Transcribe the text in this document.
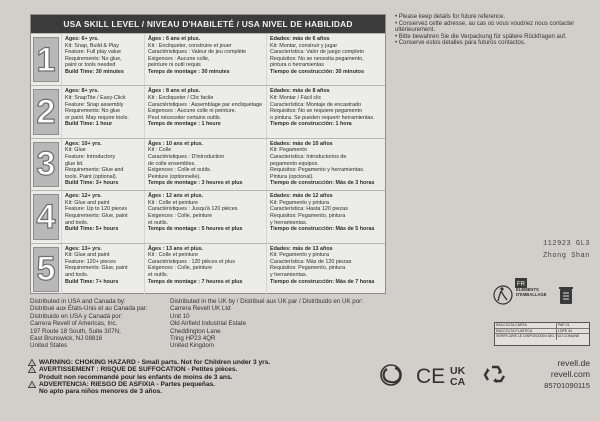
USA SKILL LEVEL / NIVEAU D'HABILETÉ / USA NIVEL DE HABILIDAD
1
Ages: 6+ yrs.
Kit: Snap, Build & Play
Feature: Full play value
Requirements: No glue,
paint or tools needed
Build Time: 30 minutes
Âges : 6 ans et plus.
Kit : Encliqueter, construire et jouer
Caractéristiques : Valeur de jeu complète
Exigences : Aucune colle,
peinture ni outil requis
Temps de montage : 30 minutes
Edades: más de 6 años
Kit: Montar, construir y jugar
Característica: Valor de juego completo
Requisitos: No se necesita pegamento,
pintura o herramientas
Tiempo de construcción: 30 minutos
2
Ages: 8+ yrs.
Kit: SnapTite / Easy-Click
Feature: Snap assembly
Requirements: No glue
or paint. May require tools.
Build Time: 1 hour
Âges : 8 ans et plus.
Kit : Encliqueter / Clic facile
Caractéristiques : Assemblage par encliquetage
Exigences : Aucune colle ni peinture.
Peut nécessiter certains outils.
Temps de montage : 1 heure
Edades: más de 8 años
Kit: Montar / Fácil clic
Característica: Montaje de encastrado
Requisitos: No se requiere pegamento
o pintura. Se pueden requerir herramientas.
Tiempo de construcción: 1 hora
3
Ages: 10+ yrs.
Kit: Glue
Feature: Introductory
glue kit.
Requirements: Glue and
tools. Paint (optional).
Build Time: 3+ hours
Âges : 10 ans et plus.
Kit : Colle
Caractéristiques : D'introduction
de colle ensembles.
Exigences : Colle et outils.
Peinture (optionnelle).
Temps de montage : 3 heures et plus
Edades: más de 10 años
Kit: Pegamento
Característica: Introductorios de
pegamento equipos.
Requisitos: Pegamento y herramientas.
Pintura (opcional).
Tiempo de construcción: Más de 3 horas
4
Ages: 12+ yrs.
Kit: Glue and paint
Feature: Up to 120 pieces
Requirements: Glue, paint
and tools.
Build Time: 5+ hours
Âges : 12 ans et plus.
Kit : Colle et peinture
Caractéristiques : Jusqu'à 120 pièces
Exigences : Colle, peinture
et outils.
Temps de montage : 5 heures et plus
Edades: más de 12 años
Kit: Pegamento y pintura
Característica: Hasta 120 piezas
Requisitos: Pegamento, pintura
y herramientas.
Tiempo de construcción: Más de 5 horas
5
Ages: 13+ yrs.
Kit: Glue and paint
Feature: 120+ pieces
Requirements: Glue, paint
and tools.
Build Time: 7+ hours
Âges : 13 ans et plus.
Kit : Colle et peinture
Caractéristiques : 120 pièces et plus
Exigences : Colle, peinture
et outils.
Temps de montage : 7 heures et plus
Edades: más de 13 años
Kit: Pegamento y pintura
Característica: Más de 120 piezas
Requisitos: Pegamento, pintura
y herramientas.
Tiempo de construcción: Más de 7 horas
• Please keep details for future reference.
• Conservez cette adresse, au cas où vous voudriez nous contacter
ultérieurement.
• Bitte bewahren Sie die Verpackung für spätere Rückfragen auf.
• Conserve estos detalles para futuros contactos.
112923 GL3
Zhong Shan
FR
ÉLÉMENTS
D'EMBALLAGE
RACCOLTA CARTA	PAP 21
RACCOLTA PLASTICA	LDPE 04
VERIFICARE LE DISPOSIZIONI DEL TUO COMUNE
Distributed in USA and Canada by:
Distribué aux États-Unis et au Canada par:
Distribuido en USA y Canadá por:
Carrera Revell of Americas, Inc.
197 Route 18 South, Suite 307N,
East Brunswick, NJ 08816
United States
Distributed in the UK by / Distribué aux UK par / Distribuido en UK por:
Carrera Revell UK Ltd
Unit 10
Old Airfield Industrial Estate
Cheddington Lane
Tring HP23 4QR
United Kingdom
! WARNING:
CHOKING HAZARD - Small parts. Not for Children under 3 yrs.
! AVERTISSEMENT :
RISQUE DE SUFFOCATION - Petites pièces.
Produit non recommandé pour les enfants de moins de 3 ans.
! ADVERTENCIA:
RIESGO DE ASFIXIA - Partes pequeñas.
No apto para niños menores de 3 años.
CE UK
CA
revell.de
revell.com
85701090115
